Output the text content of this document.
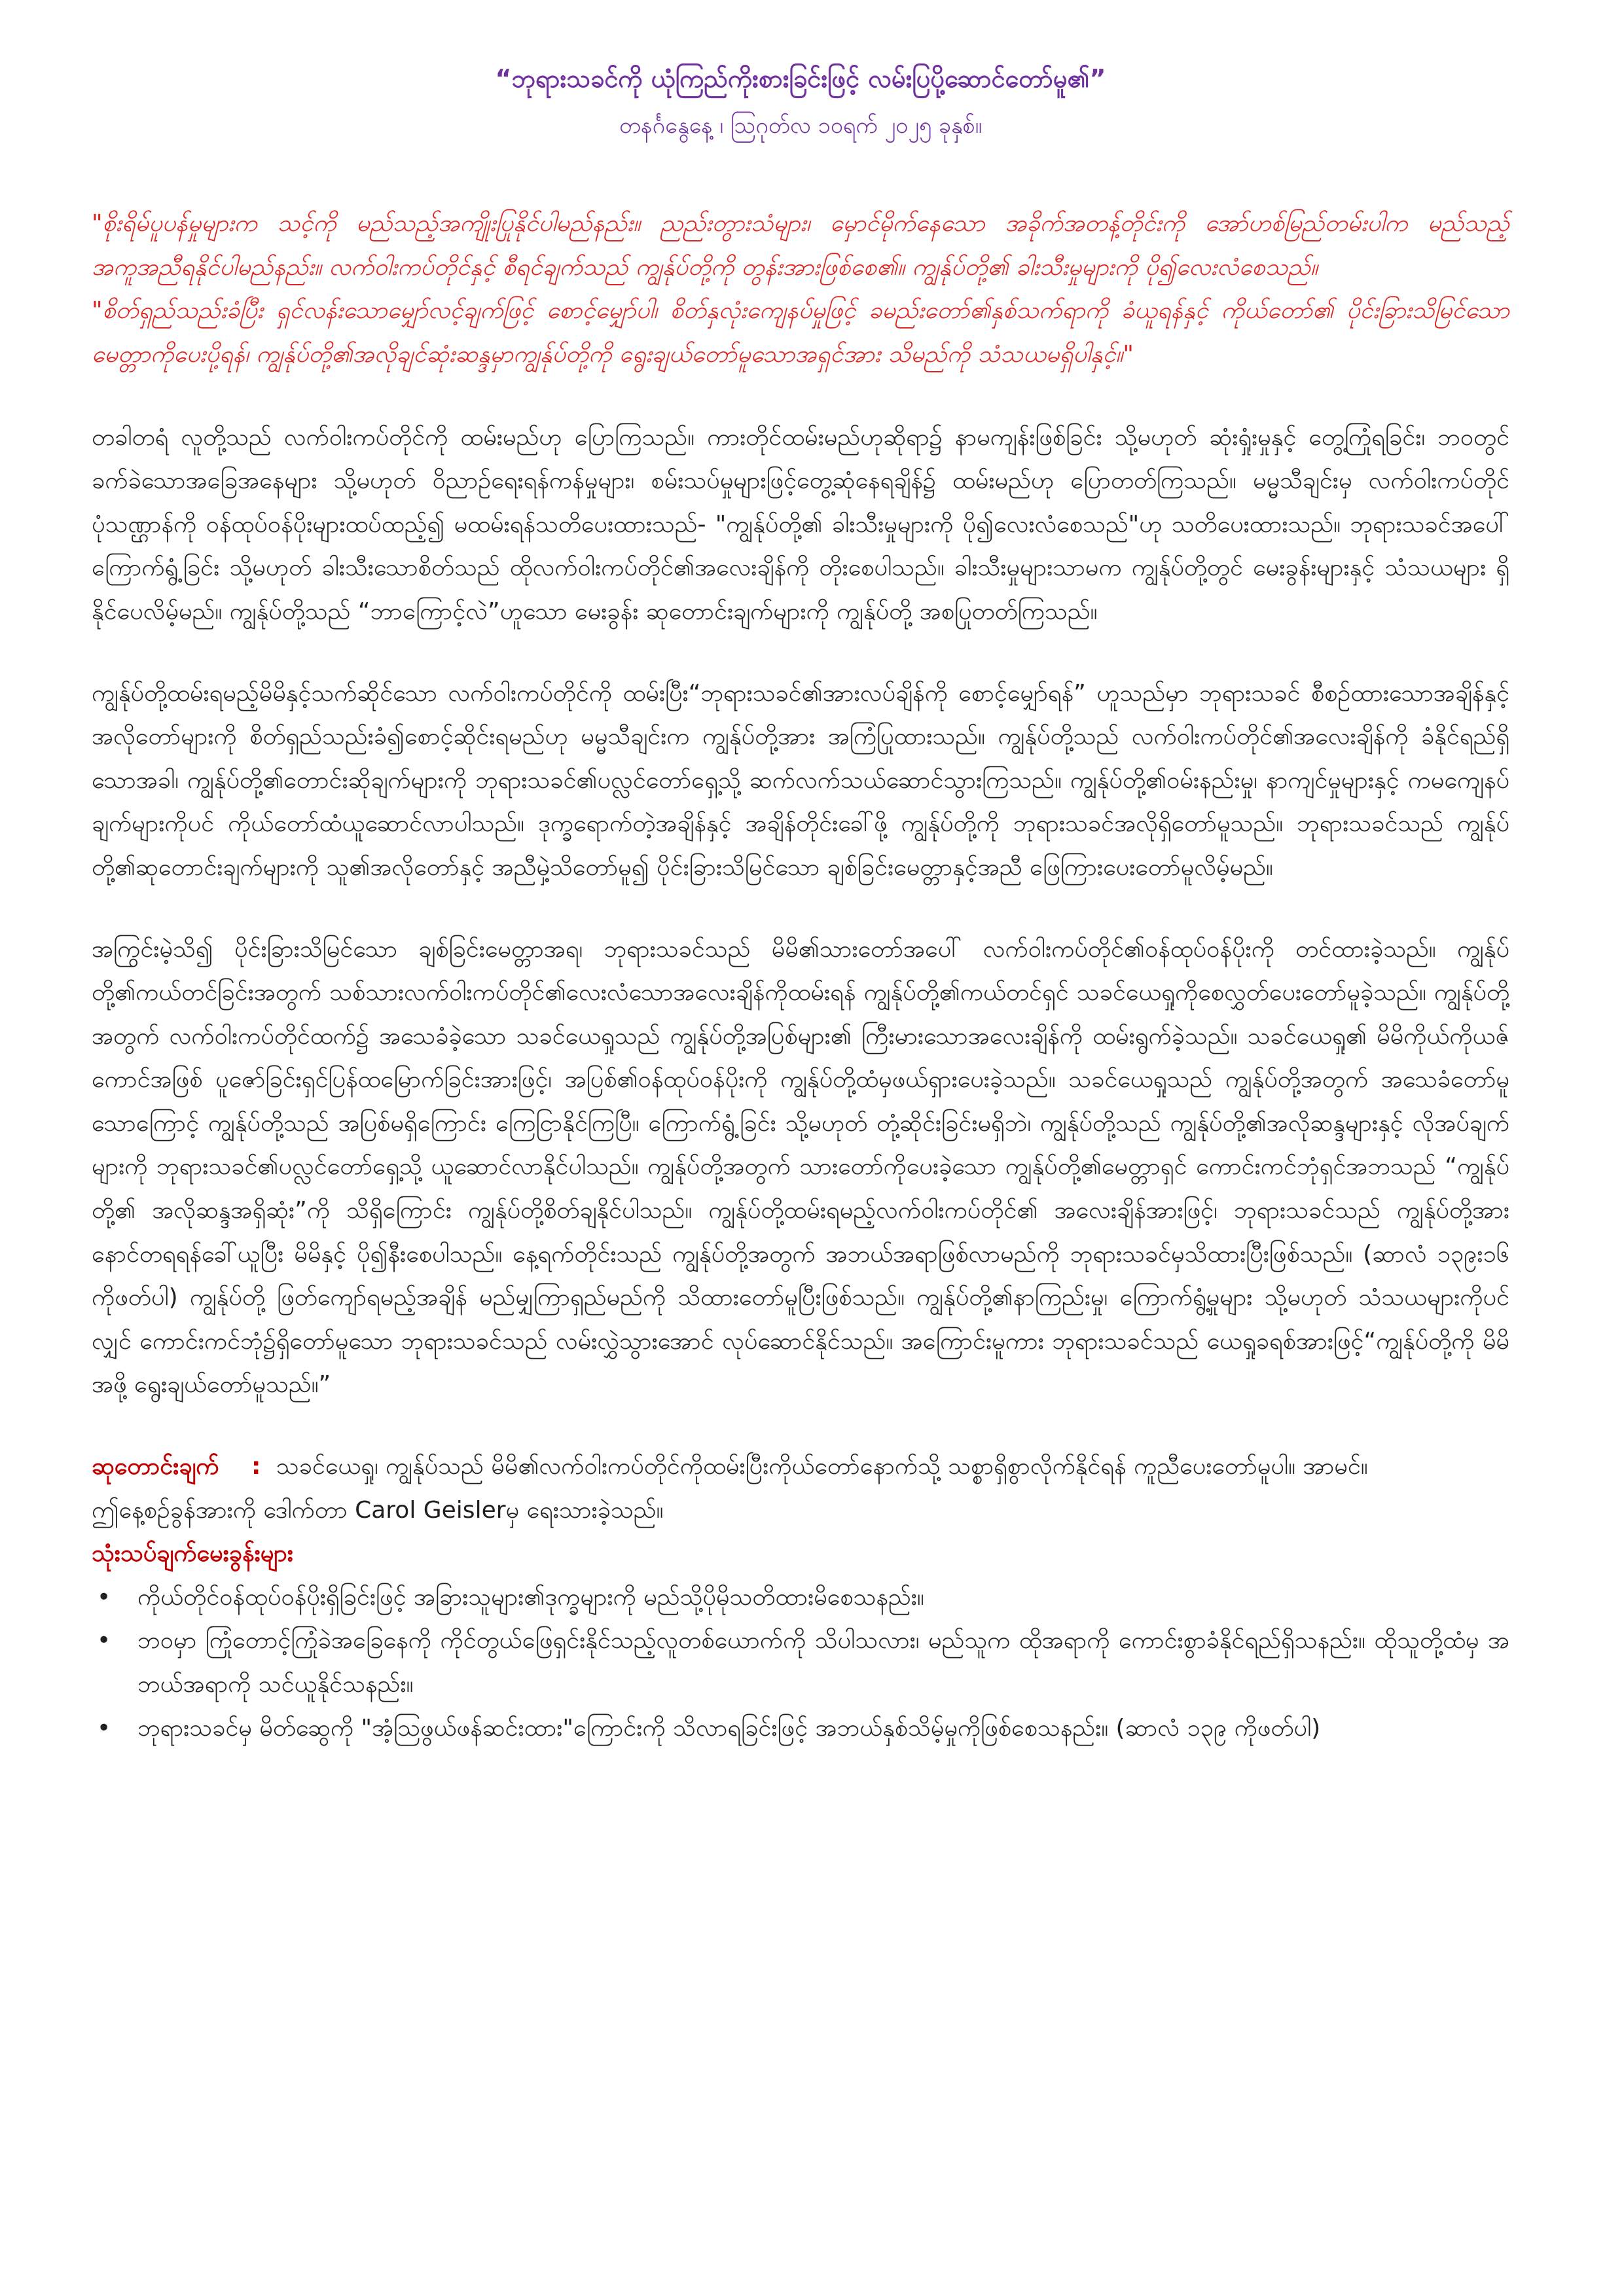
“ဘုရားသခင်ကို ယုံကြည်ကိုးစားခြင်းဖြင့် လမ်းပြပို့ဆောင်တော်မူ၏”

တနင်္ဂနွေနေ့ ၊ ဩဂုတ်လ ၁၀ရက် ၂၀၂၅ ခုနှစ်။

"စိုးရိမ်ပူပန်မှုများက သင့်ကို မည်သည့်အကျိုးပြုနိုင်ပါမည်နည်း။ ညည်းတွားသံများ၊ မှောင်မိုက်နေသော အခိုက်အတန့်တိုင်းကို အော်ဟစ်မြည်တမ်းပါက မည်သည့်အကူအညီရနိုင်ပါမည်နည်း။ လက်ဝါးကပ်တိုင်နှင့် စီရင်ချက်သည် ကျွန်ုပ်တို့ကို တွန်းအားဖြစ်စေ၏။ ကျွန်ုပ်တို့၏ ခါးသီးမှုများကို ပို၍လေးလံစေသည်။

"စိတ်ရှည်သည်းခံပြီး ရှင်လန်းသောမျှော်လင့်ချက်ဖြင့် စောင့်မျှော်ပါ၊ စိတ်နှလုံးကျေနပ်မှုဖြင့် ခမည်းတော်၏နှစ်သက်ရာကို ခံယူရန်နှင့် ကိုယ်တော်၏ ပိုင်းခြားသိမြင်သောမေတ္တာကိုပေးပို့ရန်၊ ကျွန်ုပ်တို့၏အလိုချင်ဆုံးဆန္ဒမှာကျွန်ုပ်တို့ကို ရွေးချယ်တော်မူသောအရှင်အား သိမည်ကို သံသယမရှိပါနှင့်။"

တခါတရံ လူတို့သည် လက်ဝါးကပ်တိုင်ကို ထမ်းမည်ဟု ပြောကြသည်။ ကားတိုင်ထမ်းမည်ဟုဆိုရာ၌ နာမကျန်းဖြစ်ခြင်း သို့မဟုတ် ဆုံးရှုံးမှုနှင့် တွေ့ကြုံရခြင်း၊ ဘဝတွင် ခက်ခဲသောအခြေအနေများ သို့မဟုတ် ဝိညာဉ်ရေးရန်ကန်မှုများ၊ စမ်းသပ်မှုများဖြင့်တွေ့ဆုံနေရချိန်၌ ထမ်းမည်ဟု ပြောတတ်ကြသည်။ မမ္မသီချင်းမှ လက်ဝါးကပ်တိုင်ပုံသဏ္ဌာန်ကို ဝန်ထုပ်ဝန်ပိုးများထပ်ထည့်၍ မထမ်းရန်သတိပေးထားသည်- "ကျွန်ုပ်တို့၏ ခါးသီးမှုများကို ပို၍လေးလံစေသည်"ဟု သတိပေးထားသည်။ ဘုရားသခင်အပေါ်ကြောက်ရွံ့ခြင်း သို့မဟုတ် ခါးသီးသောစိတ်သည် ထိုလက်ဝါးကပ်တိုင်၏အလေးချိန်ကို တိုးစေပါသည်။ ခါးသီးမှုများသာမက ကျွန်ုပ်တို့တွင် မေးခွန်းများနှင့် သံသယများ ရှိနိုင်ပေလိမ့်မည်။ ကျွန်ုပ်တို့သည် “ဘာကြောင့်လဲ”ဟူသော မေးခွန်း ဆုတောင်းချက်များကို ကျွန်ုပ်တို့ အစပြုတတ်ကြသည်။

ကျွန်ုပ်တို့ထမ်းရမည့်မိမိနှင့်သက်ဆိုင်သော လက်ဝါးကပ်တိုင်ကို ထမ်းပြီး“ဘုရားသခင်၏အားလပ်ချိန်ကို စောင့်မျှော်ရန်” ဟူသည်မှာ ဘုရားသခင် စီစဉ်ထားသောအချိန်နှင့် အလိုတော်များကို စိတ်ရှည်သည်းခံ၍စောင့်ဆိုင်းရမည်ဟု မမ္မသီချင်းက ကျွန်ုပ်တို့အား အကြံပြုထားသည်။ ကျွန်ုပ်တို့သည် လက်ဝါးကပ်တိုင်၏အလေးချိန်ကို ခံနိုင်ရည်ရှိသောအခါ၊ ကျွန်ုပ်တို့၏တောင်းဆိုချက်များကို ဘုရားသခင်၏ပလ္လင်တော်ရှေ့သို့ ဆက်လက်သယ်ဆောင်သွားကြသည်။ ကျွန်ုပ်တို့၏ဝမ်းနည်းမှု၊ နာကျင်မှုများနှင့် ကမကျေနပ်ချက်များကိုပင် ကိုယ်တော်ထံယူဆောင်လာပါသည်။ ဒုက္ခရောက်တဲ့အချိန်နှင့် အချိန်တိုင်းခေါ်ဖို့ ကျွန်ုပ်တို့ကို ဘုရားသခင်အလိုရှိတော်မူသည်။ ဘုရားသခင်သည် ကျွန်ုပ်တို့၏ဆုတောင်းချက်များကို သူ၏အလိုတော်နှင့် အညီမှဲ့သိတော်မူ၍ ပိုင်းခြားသိမြင်သော ချစ်ခြင်းမေတ္တာနှင့်အညီ ဖြေကြားပေးတော်မူလိမ့်မည်။

အကြွင်းမဲ့သိ၍ ပိုင်းခြားသိမြင်သော ချစ်ခြင်းမေတ္တာအရ၊ ဘုရားသခင်သည် မိမိ၏သားတော်အပေါ် လက်ဝါးကပ်တိုင်၏ဝန်ထုပ်ဝန်ပိုးကို တင်ထားခဲ့သည်။ ကျွန်ုပ်တို့၏ကယ်တင်ခြင်းအတွက် သစ်သားလက်ဝါးကပ်တိုင်၏လေးလံသောအလေးချိန်ကိုထမ်းရန် ကျွန်ုပ်တို့၏ကယ်တင်ရှင် သခင်ယေရှုကိုစေလွှတ်ပေးတော်မူခဲ့သည်။ ကျွန်ုပ်တို့အတွက် လက်ဝါးကပ်တိုင်ထက်၌ အသေခံခဲ့သော သခင်ယေရှုသည် ကျွန်ုပ်တို့အပြစ်များ၏ ကြီးမားသောအလေးချိန်ကို ထမ်းရွက်ခဲ့သည်။ သခင်ယေရှု၏ မိမိကိုယ်ကိုယဇ်ကောင်အဖြစ် ပူဇော်ခြင်းရှင်ပြန်ထမြောက်ခြင်းအားဖြင့်၊ အပြစ်၏ဝန်ထုပ်ဝန်ပိုးကို ကျွန်ုပ်တို့ထံမှဖယ်ရှားပေးခဲ့သည်။ သခင်ယေရှုသည် ကျွန်ုပ်တို့အတွက် အသေခံတော်မူသောကြောင့် ကျွန်ုပ်တို့သည် အပြစ်မရှိကြောင်း ကြေငြာနိုင်ကြပြီ။ ကြောက်ရွံ့ခြင်း သို့မဟုတ် တုံ့ဆိုင်းခြင်းမရှိဘဲ၊ ကျွန်ုပ်တို့သည် ကျွန်ုပ်တို့၏အလိုဆန္ဒများနှင့် လိုအပ်ချက်များကို ဘုရားသခင်၏ပလ္လင်တော်ရှေ့သို့ ယူဆောင်လာနိုင်ပါသည်။ ကျွန်ုပ်တို့အတွက် သားတော်ကိုပေးခဲ့သော ကျွန်ုပ်တို့၏မေတ္တာရှင် ကောင်းကင်ဘုံရှင်အဘသည် “ကျွန်ုပ်တို့၏ အလိုဆန္ဒအရှိဆုံး”ကို သိရှိကြောင်း ကျွန်ုပ်တို့စိတ်ချနိုင်ပါသည်။ ကျွန်ုပ်တို့ထမ်းရမည့်လက်ဝါးကပ်တိုင်၏ အလေးချိန်အားဖြင့်၊ ဘုရားသခင်သည် ကျွန်ုပ်တို့အားနောင်တရရန်ခေါ်ယူပြီး မိမိနှင့် ပို၍နီးစေပါသည်။ နေ့ရက်တိုင်းသည် ကျွန်ုပ်တို့အတွက် အဘယ်အရာဖြစ်လာမည်ကို ဘုရားသခင်မှသိထားပြီးဖြစ်သည်။ (ဆာလံ ၁၃၉း၁၆ ကိုဖတ်ပါ) ကျွန်ုပ်တို့ ဖြတ်ကျော်ရမည့်အချိန် မည်မျှကြာရှည်မည်ကို သိထားတော်မူပြီးဖြစ်သည်။ ကျွန်ုပ်တို့၏နာကြည်းမှု၊ ကြောက်ရွံ့မှုများ သို့မဟုတ် သံသယများကိုပင်လျှင် ကောင်းကင်ဘုံ၌ရှိတော်မူသော ဘုရားသခင်သည် လမ်းလွှဲသွားအောင် လုပ်ဆောင်နိုင်သည်။ အကြောင်းမူကား ဘုရားသခင်သည် ယေရှုခရစ်အားဖြင့်“ကျွန်ုပ်တို့ကို မိမိအဖို့ ရွေးချယ်တော်မူသည်။”

ဆုတောင်းချက် : သခင်ယေရှု၊ ကျွန်ုပ်သည် မိမိ၏လက်ဝါးကပ်တိုင်ကိုထမ်းပြီးကိုယ်တော်နောက်သို့ သစ္စာရှိစွာလိုက်နိုင်ရန် ကူညီပေးတော်မူပါ။ အာမင်။

ဤနေ့စဉ်ခွန်အားကို ဒေါက်တာ Carol Geislerမှ ရေးသားခဲ့သည်။

သုံးသပ်ချက်မေးခွန်းများ

• ကိုယ်တိုင်ဝန်ထုပ်ဝန်ပိုးရှိခြင်းဖြင့် အခြားသူများ၏ဒုက္ခများကို မည်သို့ပိုမိုသတိထားမိစေသနည်း။
• ဘဝမှာ ကြုံတောင့်ကြုံခဲအခြေနေကို ကိုင်တွယ်ဖြေရှင်းနိုင်သည့်လူတစ်ယောက်ကို သိပါသလား၊ မည်သူက ထိုအရာကို ကောင်းစွာခံနိုင်ရည်ရှိသနည်း။ ထိုသူတို့ထံမှ အဘယ်အရာကို သင်ယူနိုင်သနည်း။
• ဘုရားသခင်မှ မိတ်ဆွေကို "အံ့သြဖွယ်ဖန်ဆင်းထား"ကြောင်းကို သိလာရခြင်းဖြင့် အဘယ်နှစ်သိမ့်မှုကိုဖြစ်စေသနည်း။ (ဆာလံ ၁၃၉ ကိုဖတ်ပါ)
